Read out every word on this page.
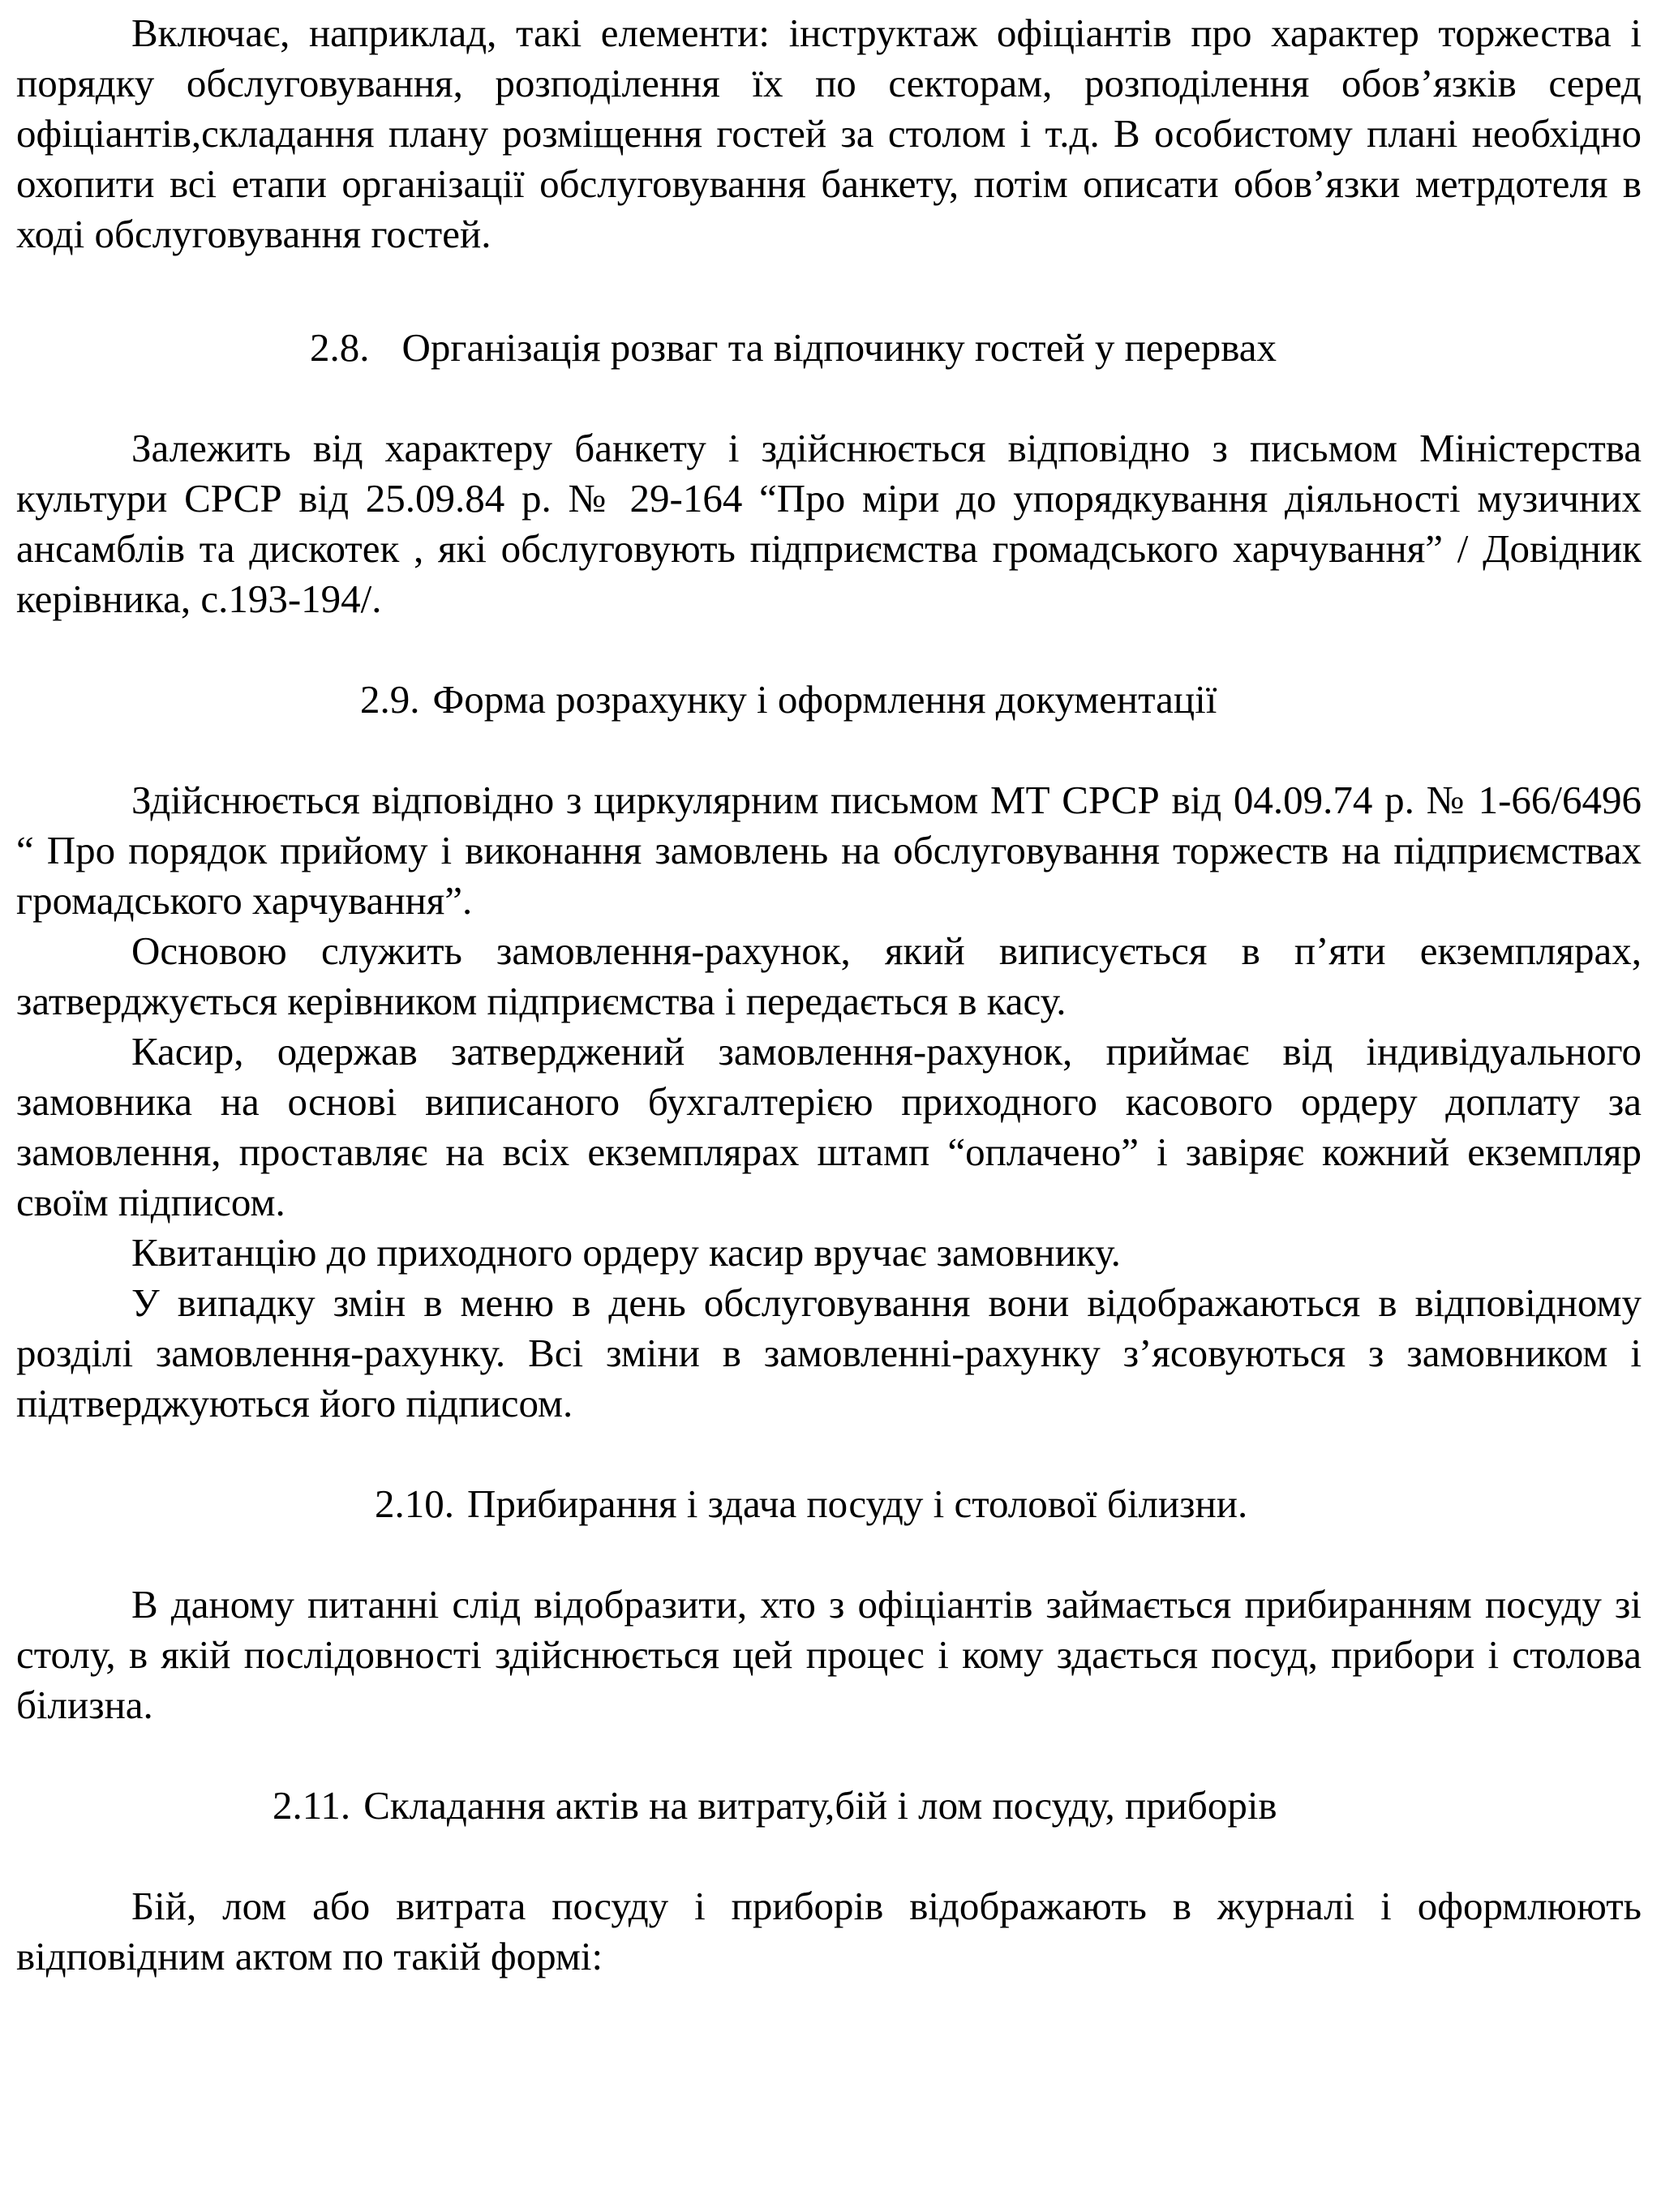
Включає, наприклад, такі елементи: інструктаж офіціантів про характер торжества і порядку обслуговування, розподілення їх по секторам, розподілення обов’язків серед офіціантів,складання плану розміщення гостей за столом і т.д. В особистому плані необхідно охопити всі етапи організації обслуговування банкету, потім описати обов’язки метрдотеля в ході обслуговування гостей.

2.8. Організація розваг та відпочинку гостей у перервах

Залежить від характеру банкету і здійснюється відповідно з письмом Міністерства культури СРСР від 25.09.84 р. № 29-164 “Про міри до упорядкування діяльності музичних ансамблів та дискотек , які обслуговують підприємства громадського харчування” / Довідник керівника, с.193-194/.

2.9. Форма розрахунку і оформлення документації

Здійснюється відповідно з циркулярним письмом МТ СРСР від 04.09.74 р. № 1-66/6496 “ Про порядок прийому і виконання замовлень на обслуговування торжеств на підприємствах громадського харчування”.

Основою служить замовлення-рахунок, який виписується в п’яти екземплярах, затверджується керівником підприємства і передається в касу.

Касир, одержав затверджений замовлення-рахунок, приймає від індивідуального замовника на основі виписаного бухгалтерією приходного касового ордеру доплату за замовлення, проставляє на всіх екземплярах штамп “оплачено” і завіряє кожний екземпляр своїм підписом.

Квитанцію до приходного ордеру касир вручає замовнику.

У випадку змін в меню в день обслуговування вони відображаються в відповідному розділі замовлення-рахунку. Всі зміни в замовленні-рахунку з’ясовуються з замовником і підтверджуються його підписом.

2.10. Прибирання і здача посуду і столової білизни.

В даному питанні слід відобразити, хто з офіціантів займається прибиранням посуду зі столу, в якій послідовності здійснюється цей процес і кому здається посуд, прибори і столова білизна.

2.11. Складання актів на витрату,бій і лом посуду, приборів

Бій, лом або витрата посуду і приборів відображають в журналі і оформлюють відповідним актом по такій формі:
